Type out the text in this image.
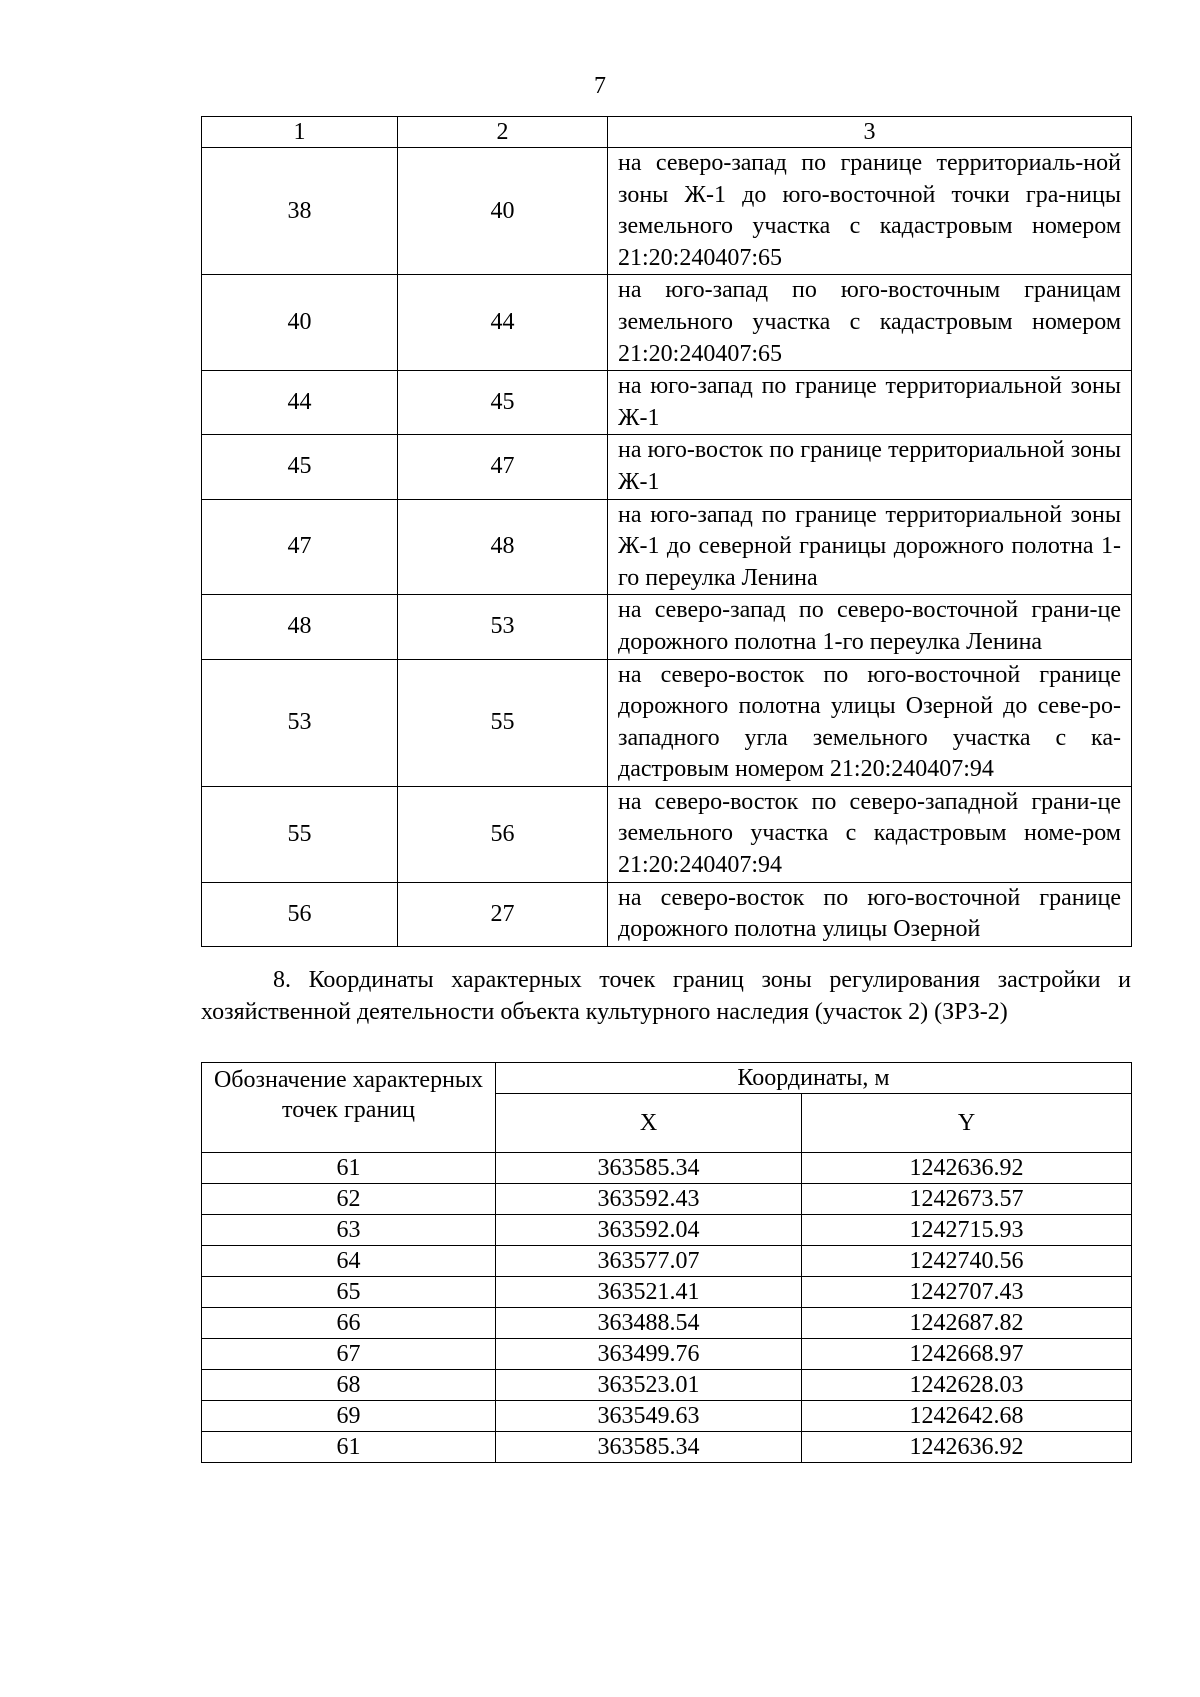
7
1	2	3
38	40	на северо-запад по границе территориаль-ной зоны Ж-1 до юго-восточной точки гра-ницы земельного участка с кадастровым номером 21:20:240407:65
40	44	на юго-запад по юго-восточным границам земельного участка с кадастровым номером 21:20:240407:65
44	45	на юго-запад по границе территориальной зоны Ж-1
45	47	на юго-восток по границе территориальной зоны Ж-1
47	48	на юго-запад по границе территориальной зоны Ж-1 до северной границы дорожного полотна 1-го переулка Ленина
48	53	на северо-запад по северо-восточной грани-це дорожного полотна 1-го переулка Ленина
53	55	на северо-восток по юго-восточной границе дорожного полотна улицы Озерной до севе-ро-западного угла земельного участка с ка-дастровым номером 21:20:240407:94
55	56	на северо-восток по северо-западной грани-це земельного участка с кадастровым номе-ром 21:20:240407:94
56	27	на северо-восток по юго-восточной границе дорожного полотна улицы Озерной

8. Координаты характерных точек границ зоны регулирования застройки и хозяйственной деятельности объекта культурного наследия (участок 2) (ЗРЗ-2)

Обозначение характерных точек границ	Координаты, м	
	X	Y
61	363585.34	1242636.92
62	363592.43	1242673.57
63	363592.04	1242715.93
64	363577.07	1242740.56
65	363521.41	1242707.43
66	363488.54	1242687.82
67	363499.76	1242668.97
68	363523.01	1242628.03
69	363549.63	1242642.68
61	363585.34	1242636.92
